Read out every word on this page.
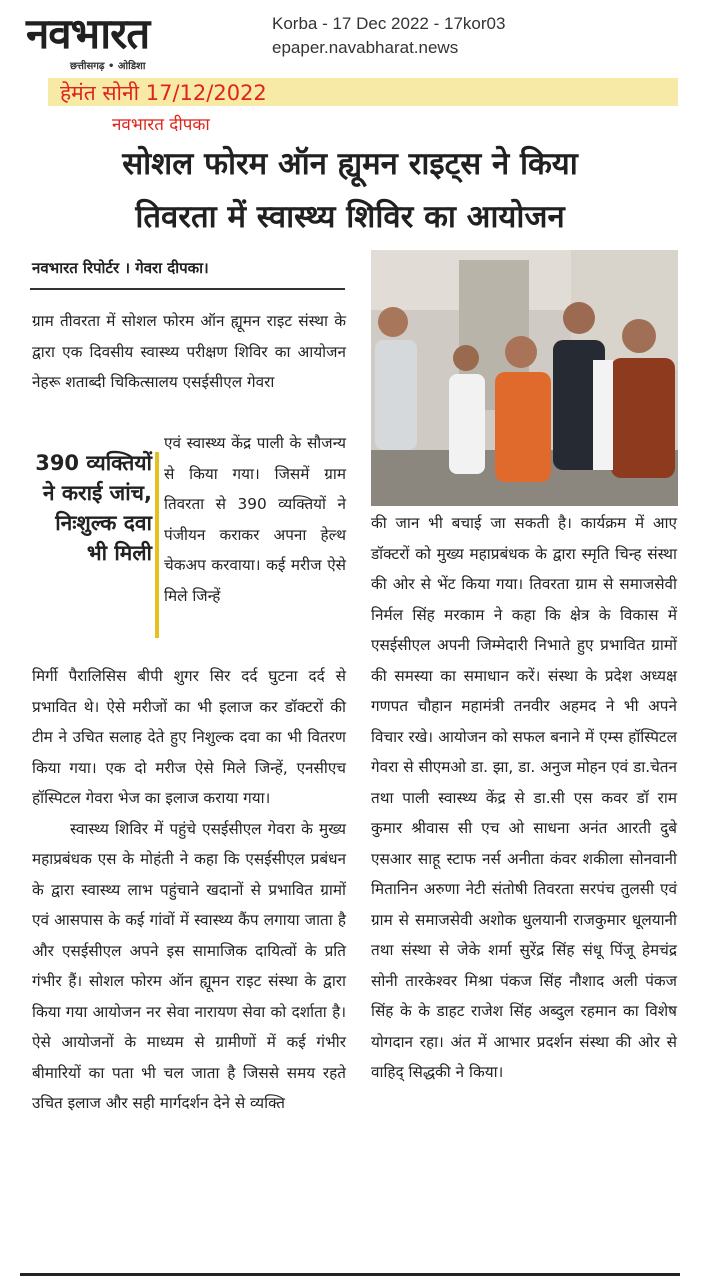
नवभारत
छत्तीसगढ़ • ओडिशा
Korba - 17 Dec 2022 - 17kor03
epaper.navabharat.news
हेमंत सोनी 17/12/2022
नवभारत दीपका
सोशल फोरम ऑन ह्यूमन राइट्स ने किया
तिवरता में स्वास्थ्य शिविर का आयोजन
नवभारत रिपोर्टर । गेवरा दीपका।

ग्राम तीवरता में सोशल फोरम ऑन ह्यूमन राइट संस्था के द्वारा एक दिवसीय स्वास्थ्य परीक्षण शिविर का आयोजन नेहरू शताब्दी चिकित्सालय एसईसीएल गेवरा

390 व्यक्तियों ने कराई जांच, निःशुल्क दवा भी मिली

एवं स्वास्थ्य केंद्र पाली के सौजन्य से किया गया। जिसमें ग्राम तिवरता से 390 व्यक्तियों ने पंजीयन कराकर अपना हेल्थ चेकअप करवाया। कई मरीज ऐसे मिले जिन्हें

मिर्गी पैरालिसिस बीपी शुगर सिर दर्द घुटना दर्द से प्रभावित थे। ऐसे मरीजों का भी इलाज कर डॉक्टरों की टीम ने उचित सलाह देते हुए निशुल्क दवा का भी वितरण किया गया। एक दो मरीज ऐसे मिले जिन्हें, एनसीएच हॉस्पिटल गेवरा भेज का इलाज कराया गया।

स्वास्थ्य शिविर में पहुंचे एसईसीएल गेवरा के मुख्य महाप्रबंधक एस के मोहंती ने कहा कि एसईसीएल प्रबंधन के द्वारा स्वास्थ्य लाभ पहुंचाने खदानों से प्रभावित ग्रामों एवं आसपास के कई गांवों में स्वास्थ्य कैंप लगाया जाता है और एसईसीएल अपने इस सामाजिक दायित्वों के प्रति गंभीर हैं। सोशल फोरम ऑन ह्यूमन राइट संस्था के द्वारा किया गया आयोजन नर सेवा नारायण सेवा को दर्शाता है। ऐसे आयोजनों के माध्यम से ग्रामीणों में कई गंभीर बीमारियों का पता भी चल जाता है जिससे समय रहते उचित इलाज और सही मार्गदर्शन देने से व्यक्ति

की जान भी बचाई जा सकती है। कार्यक्रम में आए डॉक्टरों को मुख्य महाप्रबंधक के द्वारा स्मृति चिन्ह संस्था की ओर से भेंट किया गया। तिवरता ग्राम से समाजसेवी निर्मल सिंह मरकाम ने कहा कि क्षेत्र के विकास में एसईसीएल अपनी जिम्मेदारी निभाते हुए प्रभावित ग्रामों की समस्या का समाधान करें। संस्था के प्रदेश अध्यक्ष गणपत चौहान महामंत्री तनवीर अहमद ने भी अपने विचार रखे। आयोजन को सफल बनाने में एम्स हॉस्पिटल गेवरा से सीएमओ डा. झा, डा. अनुज मोहन एवं डा.चेतन तथा पाली स्वास्थ्य केंद्र से डा.सी एस कवर डॉ राम कुमार श्रीवास सी एच ओ साधना अनंत आरती दुबे एसआर साहू स्टाफ नर्स अनीता कंवर शकीला सोनवानी मितानिन अरुणा नेटी संतोषी तिवरता सरपंच तुलसी एवं ग्राम से समाजसेवी अशोक धुलयानी राजकुमार धूलयानी तथा संस्था से जेके शर्मा सुरेंद्र सिंह संधू पिंजू हेमचंद्र सोनी तारकेश्वर मिश्रा पंकज सिंह नौशाद अली पंकज सिंह के के डाहट राजेश सिंह अब्दुल रहमान का विशेष योगदान रहा। अंत में आभार प्रदर्शन संस्था की ओर से वाहिद् सिद्धकी ने किया।
